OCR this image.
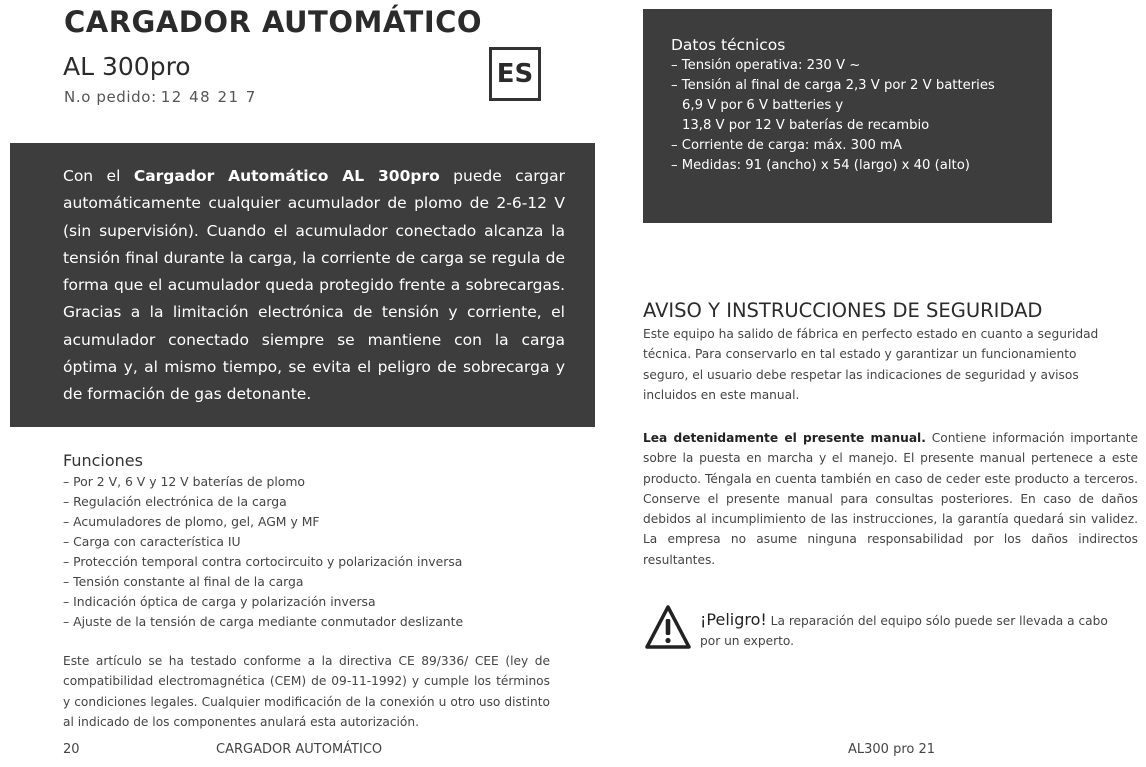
CARGADOR AUTOMÁTICO
AL 300pro
N.o pedido: 12 48 21 7
ES

Con el Cargador Automático AL 300pro puede cargar automáticamente cualquier acumulador de plomo de 2-6-12 V (sin supervisión). Cuando el acumulador conectado alcanza la tensión final durante la carga, la corriente de carga se regula de forma que el acumulador queda protegido frente a sobrecargas. Gracias a la limitación electrónica de tensión y corriente, el acumulador conectado siempre se mantiene con la carga óptima y, al mismo tiempo, se evita el peligro de sobrecarga y de formación de gas detonante.

Funciones
– Por 2 V, 6 V y 12 V baterías de plomo
– Regulación electrónica de la carga
– Acumuladores de plomo, gel, AGM y MF
– Carga con característica IU
– Protección temporal contra cortocircuito y polarización inversa
– Tensión constante al final de la carga
– Indicación óptica de carga y polarización inversa
– Ajuste de la tensión de carga mediante conmutador deslizante

Este artículo se ha testado conforme a la directiva CE 89/336/ CEE (ley de compatibilidad electromagnética (CEM) de 09-11-1992) y cumple los términos y condiciones legales. Cualquier modificación de la conexión u otro uso distinto al indicado de los componentes anulará esta autorización.

20	CARGADOR AUTOMÁTICO
Datos técnicos
– Tensión operativa: 230 V ~
– Tensión al final de carga 2,3 V por 2 V batteries
6,9 V por 6 V batteries y
13,8 V por 12 V baterías de recambio
– Corriente de carga: máx. 300 mA
– Medidas: 91 (ancho) x 54 (largo) x 40 (alto)
AVISO Y INSTRUCCIONES DE SEGURIDAD

Este equipo ha salido de fábrica en perfecto estado en cuanto a seguridad técnica. Para conservarlo en tal estado y garantizar un funcionamiento seguro, el usuario debe respetar las indicaciones de seguridad y avisos incluidos en este manual.

Lea detenidamente el presente manual. Contiene información importante sobre la puesta en marcha y el manejo. El presente manual pertenece a este producto. Téngala en cuenta también en caso de ceder este producto a terceros. Conserve el presente manual para consultas posteriores. En caso de daños debidos al incumplimiento de las instrucciones, la garantía quedará sin validez. La empresa no asume ninguna responsabilidad por los daños indirectos resultantes.

¡Peligro! La reparación del equipo sólo puede ser llevada a cabo por un experto.

AL300 pro 21
